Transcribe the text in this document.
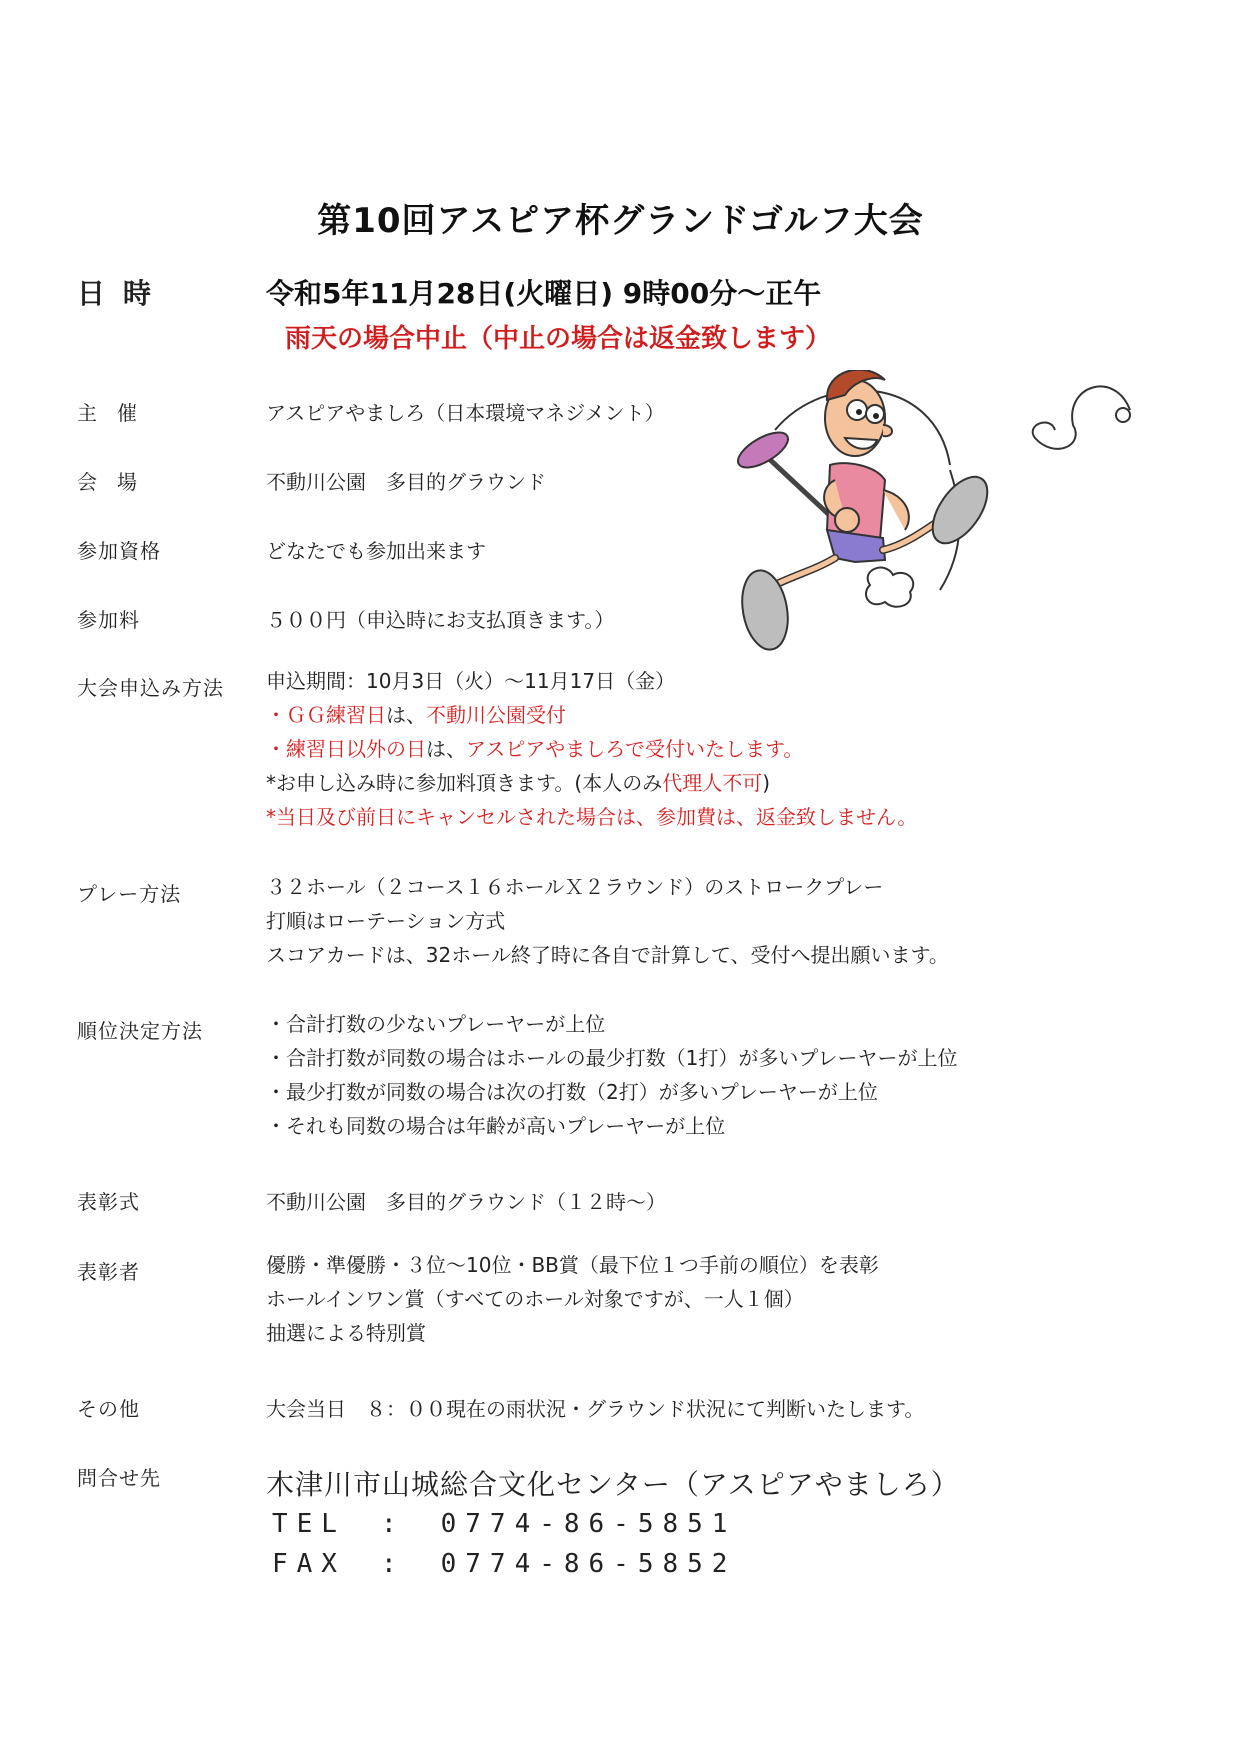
第10回アスピア杯グランドゴルフ大会
日時	令和5年11月28日(火曜日) 9時00分〜正午
雨天の場合中止（中止の場合は返金致します）
主催	アスピアやましろ（日本環境マネジメント）
会場	不動川公園　多目的グラウンド
参加資格	どなたでも参加出来ます
参加料	５００円（申込時にお支払頂きます。）
大会申込み方法 申込期間：10月3日（火）〜11月17日（金）
・ＧＧ練習日は、不動川公園受付
・練習日以外の日は、アスピアやましろで受付いたします。
*お申し込み時に参加料頂きます。(本人のみ代理人不可)
*当日及び前日にキャンセルされた場合は、参加費は、返金致しません。
プレー方法	３２ホール（２コース１６ホールＸ２ラウンド）のストロークプレー
打順はローテーション方式
スコアカードは、32ホール終了時に各自で計算して、受付へ提出願います。
順位決定方法	・合計打数の少ないプレーヤーが上位
・合計打数が同数の場合はホールの最少打数（1打）が多いプレーヤーが上位
・最少打数が同数の場合は次の打数（2打）が多いプレーヤーが上位
・それも同数の場合は年齢が高いプレーヤーが上位
表彰式	不動川公園　多目的グラウンド（１２時〜）
表彰者	優勝・準優勝・３位〜10位・BB賞（最下位１つ手前の順位）を表彰
ホールインワン賞（すべてのホール対象ですが、一人１個）
抽選による特別賞
その他	大会当日　８：００現在の雨状況・グラウンド状況にて判断いたします。
問合せ先	木津川市山城総合文化センター（アスピアやましろ）
TEL　:　0774-86-5851
FAX　:　0774-86-5852
